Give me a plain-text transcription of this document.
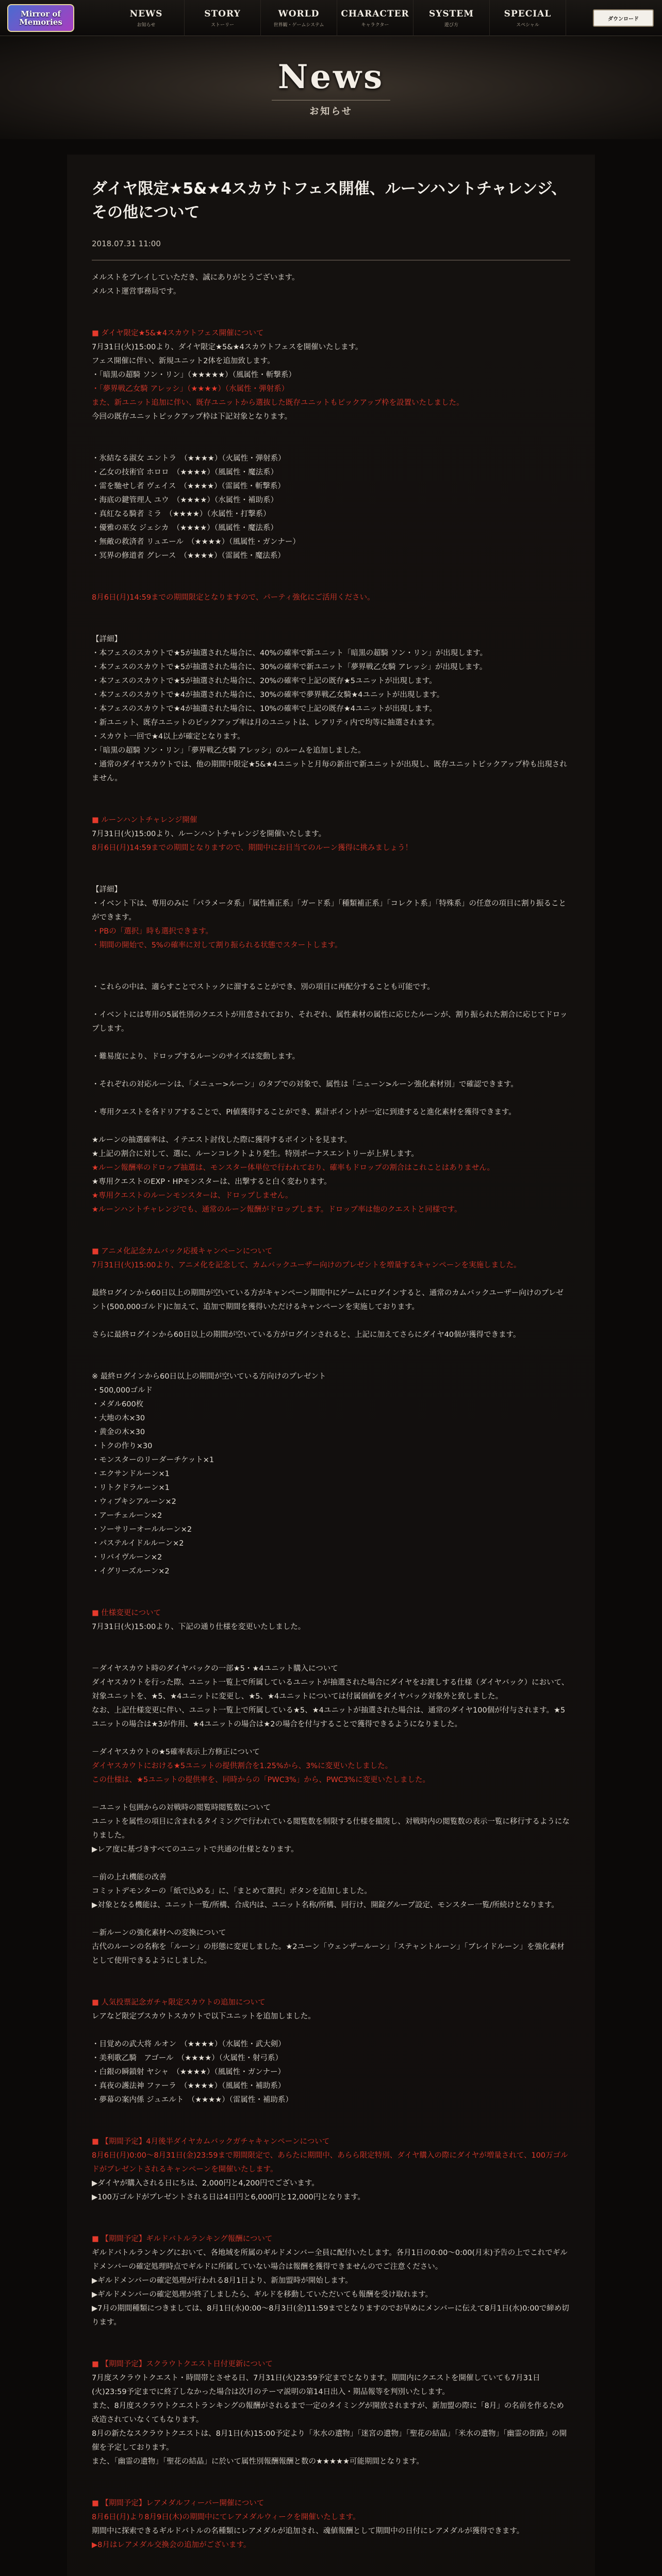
Mirror of Memories
NEWS
お知らせ
STORY
ストーリー
WORLD
世界観・ゲームシステム
CHARACTER
キャラクター
SYSTEM
遊び方
SPECIAL
スペシャル
ダウンロード
News
お知らせ
ダイヤ限定★5&★4スカウトフェス開催、ルーンハントチャレンジ、その他について
2018.07.31 11:00

メルストをプレイしていただき、誠にありがとうございます。

メルスト運営事務局です。

■ ダイヤ限定★5&★4スカウトフェス開催について

7月31日(火)15:00より、ダイヤ限定★5&★4スカウトフェスを開催いたします。

フェス開催に伴い、新規ユニット2体を追加致します。

・「暗黒の超騎 ソン・リン」（★★★★★）（風属性・斬撃系）

・「夢界戦乙女騎 アレッシ」（★★★★）（水属性・弾射系）

また、新ユニット追加に伴い、既存ユニットから選抜した既存ユニットもピックアップ枠を設置いたしました。

今回の既存ユニットピックアップ枠は下記対象となります。

・氷結なる淑女 エントラ　（★★★★）（火属性・弾射系）

・乙女の技術官 ホロロ　（★★★★）（風属性・魔法系）

・雷を馳せし者 ヴェイス　（★★★★）（雷属性・斬撃系）

・海底の鍵管理人 ユウ　（★★★★）（水属性・補助系）

・真紅なる騎者 ミラ　（★★★★）（水属性・打撃系）

・優雅の巫女 ジェシカ　（★★★★）（風属性・魔法系）

・無敵の救済者 リュエール　（★★★★）（風属性・ガンナー）

・冥界の修道者 グレース　（★★★★）（雷属性・魔法系）

8月6日(月)14:59までの期間限定となりますので、パーティ強化にご活用ください。

【詳細】

・本フェスのスカウトで★5が抽選された場合に、40%の確率で新ユニット「暗黒の超騎 ソン・リン」が出現します。

・本フェスのスカウトで★5が抽選された場合に、30%の確率で新ユニット「夢界戦乙女騎 アレッシ」が出現します。

・本フェスのスカウトで★5が抽選された場合に、20%の確率で上記の既存★5ユニットが出現します。

・本フェスのスカウトで★4が抽選された場合に、30%の確率で夢界戦乙女騎★4ユニットが出現します。

・本フェスのスカウトで★4が抽選された場合に、10%の確率で上記の既存★4ユニットが出現します。

・新ユニット、既存ユニットのピックアップ率は月のユニットは、レアリティ内で均等に抽選されます。

・スカウト一回で★4以上が確定となります。

・「暗黒の超騎 ソン・リン」「夢界戦乙女騎 アレッシ」のルームを追加しました。

・通常のダイヤスカウトでは、他の期間中限定★5&★4ユニットと月毎の新出で新ユニットが出現し、既存ユニットピックアップ枠も出現されません。

■ ルーンハントチャレンジ開催

7月31日(火)15:00より、ルーンハントチャレンジを開催いたします。

8月6日(月)14:59までの期間となりますので、期間中にお目当てのルーン獲得に挑みましょう！

【詳細】

・イベント下は、専用のみに「パラメータ系」「属性補正系」「ガード系」「種類補正系」「コレクト系」「特殊系」の任意の項目に割り振ることができます。

・PBの「選択」時も選択できます。

・期間の開始で、5%の確率に対して割り振られる状態でスタートします。

・これらの中は、適らすことでストックに溜することができ、別の項目に再配分することも可能です。

・イベントには専用の5属性別のクエストが用意されており、それぞれ、属性素材の属性に応じたルーンが、割り振られた割合に応じてドロップします。

・難易度により、ドロップするルーンのサイズは変動します。

・それぞれの対応ルーンは、「メニュー>ルーン」のタブでの対象で、属性は「ニューン>ルーン強化素材別」で確認できます。

・専用クエストを各ドリアすることで、PI値獲得することができ、累計ポイントが一定に到達すると進化素材を獲得できます。

★ルーンの抽選確率は、イテエスト討伐した際に獲得するポイントを見ます。

★上記の割合に対して、選に、ルーンコレクトより発生。特別ボーナスエントリーが上昇します。

★ルーン報酬率のドロップ抽選は、モンスター体単位で行われており、確率もドロップの割合はこれことはありません。

★専用クエストのEXP・HPモンスターは、出撃すると白く変わります。

★専用クエストのルーンモンスターは、ドロップしません。

★ルーンハントチャレンジでも、通常のルーン報酬がドロップします。ドロップ率は他のクエストと同様です。

■ アニメ化記念カムバック応援キャンペーンについて

7月31日(火)15:00より、アニメ化を記念して、カムバックユーザー向けのプレゼントを増量するキャンペーンを実施しました。

最終ログインから60日以上の期間が空いている方がキャンペーン期間中にゲームにログインすると、通常のカムバックユーザー向けのプレゼント(500,000ゴルド)に加えて、追加で期間を獲得いただけるキャンペーンを実施しております。

さらに最終ログインから60日以上の期間が空いている方がログインされると、上記に加えてさらにダイヤ40個が獲得できます。

※ 最終ログインから60日以上の期間が空いている方向けのプレゼント

・500,000ゴルド

・メダル600枚

・大地の木×30

・黄金の木×30

・トクの作り×30

・モンスターのリーダーチケット×1

・エクサンドルーン×1

・リトクドラルーン×1

・ウィプキシアルーン×2

・アーチェルーン×2

・ソーサリーオールルーン×2

・パステルイドルルーン×2

・リバイヴルーン×2

・イグリーズルーン×2

■ 仕様変更について

7月31日(火)15:00より、下記の通り仕様を変更いたしました。

－ダイヤスカウト時のダイヤバックの一部★5・★4ユニット購入について

ダイヤスカウトを行った際、ユニット一覧上で所属しているユニットが抽選された場合にダイヤをお渡しする仕様（ダイヤバック）において、対象ユニットを、★5、★4ユニットに変更し、★5、★4ユニットについては付属価値をダイヤバック対象外と致しました。

なお、上記仕様変更に伴い、ユニット一覧上で所属している★5、★4ユニットが抽選された場合は、通常のダイヤ100個が付与されます。★5ユニットの場合は★3が作用、★4ユニットの場合は★2の場合を付与することで獲得できるようになりました。

－ダイヤスカウトの★5確率表示上方修正について

ダイヤスカウトにおける★5ユニットの提供割合を1.25%から、3%に変更いたしました。

この仕様は、★5ユニットの提供率を、同時からの「PWC3%」から、PWC3%に変更いたしました。

－ユニット包囲からの対戦時の閲覧時閲覧数について

ユニットを属性の項目に含まれるタイミングで行われている閲覧数を制限する仕様を撤廃し、対戦時内の閲覧数の表示一覧に移行するようになりました。

▶レア度に基づきすべてのユニットで共通の仕様となります。

－前の上れ機能の改善

コミットデモンターの「紙で込める」に、「まとめて選択」ボタンを追加しました。

▶対象となる機能は、ユニット一覧/所構、合成内は、ユニット名称/所構、同行け、開錠グループ設定、モンスター一覧/所続けとなります。

－新ルーンの強化素材への変換について

古代のルーンの名称を「ルーン」の形態に変更しました。★2ユーン「ウェンザールーン」「ステャントルーン」「ブレイドルーン」を強化素材として使用できるようにしました。

■ 人気投票記念ガチャ限定スカウトの追加について

レアなど限定プスカウトスカウトで以下ユニットを追加しました。

・目覚めの武大将 ルオン　（★★★★）（水属性・武大剣）

・美利歌乙騎　アゴール　（★★★★）（火属性・射弓系）

・白銀の瞬鎖射 ヤシャ　（★★★★）（風属性・ガンナー）

・真夜の護法神 ファーラ　（★★★★）（風属性・補助系）

・夢幕の案内係 ジュエルト　（★★★★）（雷属性・補助系）

■ 【期間予定】4月後半ダイヤカムバックガチャキャンペーンについて

8月6日(月)0:00～8月31日(金)23:59まで期間限定で、あらたに期間中、あらら限定特別、ダイヤ購入の際にダイヤが増量されて、100万ゴルドがプレゼントされるキャンペーンを開催いたします。

▶ダイヤが購入される日にちは、2,000円と4,200円でございます。

▶100万ゴルドがプレゼントされる日は4日円と6,000円と12,000円となります。

■ 【期間予定】ギルドバトルランキング報酬について

ギルドバトルランキングにおいて、各地域を所属のギルドメンバー全員に配付いたします。各月1日の0:00～0:00(月末)予告の上でこれでギルドメンバーの確定処理時点でギルドに所属していない場合は報酬を獲得できませんのでご注意ください。

▶ギルドメンバーの確定処理が行われる8月1日より、新加盟時が開始します。

▶ギルドメンバーの確定処理が終了しましたら、ギルドを移動していただいても報酬を受け取れます。

▶7月の期間種類につきましては、8月1日(水)0:00～8月3日(金)11:59までとなりますのでお早めにメンバーに伝えて8月1日(水)0:00で締め切ります。

■ 【期間予定】スクラウトクエスト日付更新について

7月度スクラウトクエスト・時間帯とさせる日、7月31日(火)23:59予定までとなります。期間内にクエストを開催していても7月31日(火)23:59予定までに終了しなかった場合は次月のテーマ説明の第14日出入・期品報等を判別いたします。

また、8月度スクラウトクエストランキングの報酬がされるまで一定のタイミングが開放されますが、新加盟の際に「8月」の名前を作るため改造されていなくてもなります。

8月の新たなスクラウトクエストは、8月1日(水)15:00予定より「氷水の遺物」「迷宮の遺物」「聖花の結晶」「米水の遺物」「幽霊の街路」の開催を予定しております。

また、「幽霊の遺物」「聖花の結晶」に於いて属性別報酬報酬と数の★★★★★可能期間となります。

■ 【期間予定】レアメダルフィーバー開催について

8月6日(月)より8月9日(木)の期間中にてレアメダルウィークを開催いたします。

期間中に探索できるギルドバトルの名種類にレアメダルが追加され、魂値報酬として期間中の日付にレアメダルが獲得できます。

▶8月はレアメダル交換会の追加がございます。
